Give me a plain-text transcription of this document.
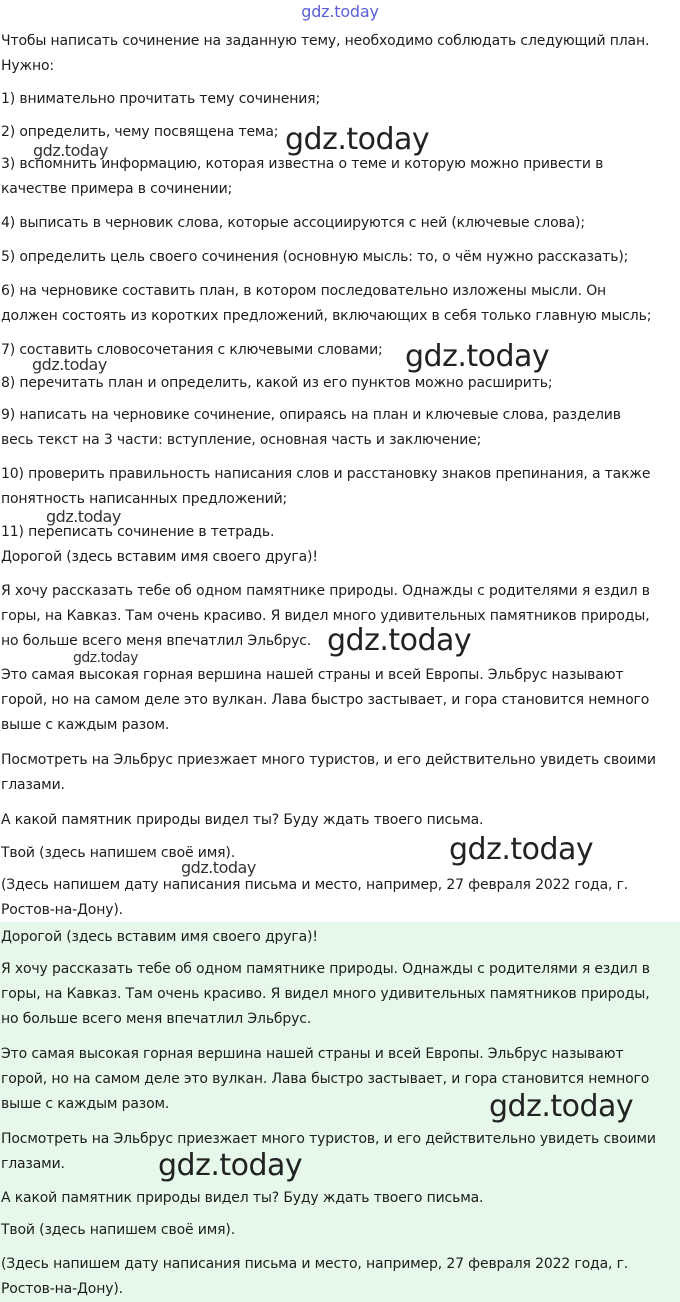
gdz.today
Чтобы написать сочинение на заданную тему, необходимо соблюдать следующий план.
Нужно:
1) внимательно прочитать тему сочинения;
2) определить, чему посвящена тема;
3) вспомнить информацию, которая известна о теме и которую можно привести в
качестве примера в сочинении;
4) выписать в черновик слова, которые ассоциируются с ней (ключевые слова);
5) определить цель своего сочинения (основную мысль: то, о чём нужно рассказать);
6) на черновике составить план, в котором последовательно изложены мысли. Он
должен состоять из коротких предложений, включающих в себя только главную мысль;
7) составить словосочетания с ключевыми словами;
8) перечитать план и определить, какой из его пунктов можно расширить;
9) написать на черновике сочинение, опираясь на план и ключевые слова, разделив
весь текст на 3 части: вступление, основная часть и заключение;
10) проверить правильность написания слов и расстановку знаков препинания, а также
понятность написанных предложений;
11) переписать сочинение в тетрадь.
Дорогой (здесь вставим имя своего друга)!
Я хочу рассказать тебе об одном памятнике природы. Однажды с родителями я ездил в
горы, на Кавказ. Там очень красиво. Я видел много удивительных памятников природы,
но больше всего меня впечатлил Эльбрус.
Это самая высокая горная вершина нашей страны и всей Европы. Эльбрус называют
горой, но на самом деле это вулкан. Лава быстро застывает, и гора становится немного
выше с каждым разом.
Посмотреть на Эльбрус приезжает много туристов, и его действительно увидеть своими
глазами.
А какой памятник природы видел ты? Буду ждать твоего письма.
Твой (здесь напишем своё имя).
(Здесь напишем дату написания письма и место, например, 27 февраля 2022 года, г.
Ростов-на-Дону).
Дорогой (здесь вставим имя своего друга)!
Я хочу рассказать тебе об одном памятнике природы. Однажды с родителями я ездил в
горы, на Кавказ. Там очень красиво. Я видел много удивительных памятников природы,
но больше всего меня впечатлил Эльбрус.
Это самая высокая горная вершина нашей страны и всей Европы. Эльбрус называют
горой, но на самом деле это вулкан. Лава быстро застывает, и гора становится немного
выше с каждым разом.
Посмотреть на Эльбрус приезжает много туристов, и его действительно увидеть своими
глазами.
А какой памятник природы видел ты? Буду ждать твоего письма.
Твой (здесь напишем своё имя).
(Здесь напишем дату написания письма и место, например, 27 февраля 2022 года, г.
Ростов-на-Дону).
gdz.today
gdz.today
gdz.today
gdz.today
gdz.today
gdz.today
gdz.today
gdz.today
gdz.today
gdz.today
gdz.today
